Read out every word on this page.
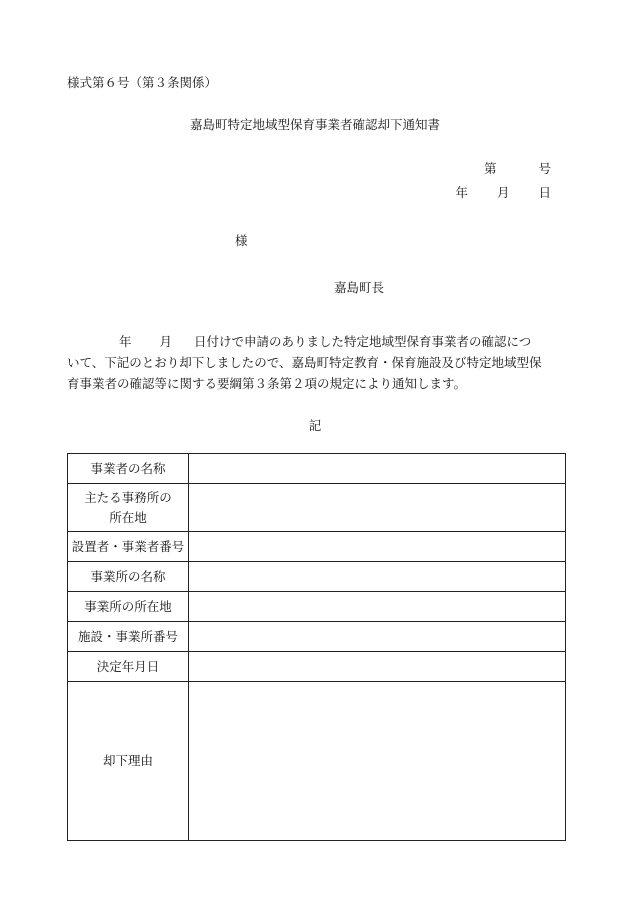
様式第６号（第３条関係）
嘉島町特定地域型保育事業者確認却下通知書
第	号
年 月 日
様
嘉島町長
年 月 日付けで申請のありました特定地域型保育事業者の確認につ
いて、下記のとおり却下しましたので、嘉島町特定教育・保育施設及び特定地域型保
育事業者の確認等に関する要綱第３条第２項の規定により通知します。
記
事業者の名称	
主たる事務所の所在地	
設置者・事業者番号	
事業所の名称	
事業所の所在地	
施設・事業所番号	
決定年月日	
却下理由	
